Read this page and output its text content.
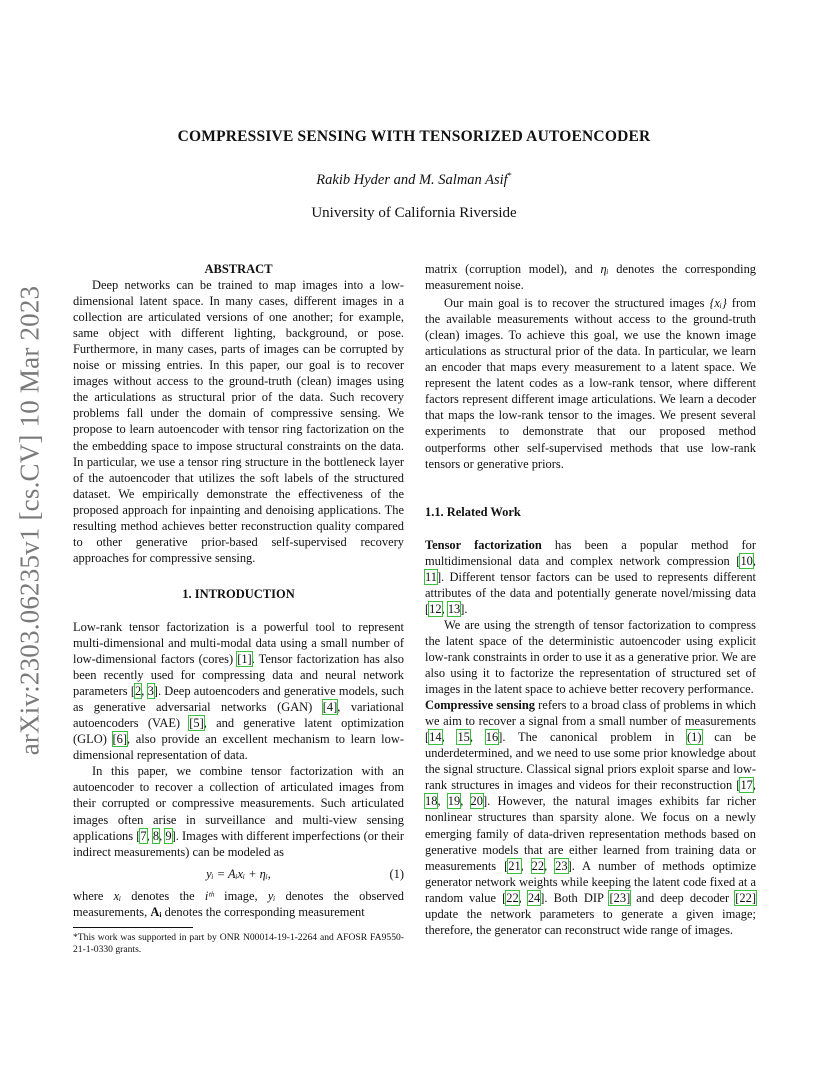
arXiv:2303.06235v1 [cs.CV] 10 Mar 2023
COMPRESSIVE SENSING WITH TENSORIZED AUTOENCODER
Rakib Hyder and M. Salman Asif*
University of California Riverside
ABSTRACT

Deep networks can be trained to map images into a low-dimensional latent space. In many cases, different images in a collection are articulated versions of one another; for example, same object with different lighting, background, or pose. Furthermore, in many cases, parts of images can be corrupted by noise or missing entries. In this paper, our goal is to recover images without access to the ground-truth (clean) images using the articulations as structural prior of the data. Such recovery problems fall under the domain of compressive sensing. We propose to learn autoencoder with tensor ring factorization on the the embedding space to impose structural constraints on the data. In particular, we use a tensor ring structure in the bottleneck layer of the autoencoder that utilizes the soft labels of the structured dataset. We empirically demonstrate the effectiveness of the proposed approach for inpainting and denoising applications. The resulting method achieves better reconstruction quality compared to other generative prior-based self-supervised recovery approaches for compressive sensing.

1. INTRODUCTION

Low-rank tensor factorization is a powerful tool to represent multi-dimensional and multi-modal data using a small number of low-dimensional factors (cores) [1]. Tensor factorization has also been recently used for compressing data and neural network parameters [2, 3]. Deep autoencoders and generative models, such as generative adversarial networks (GAN) [4], variational autoencoders (VAE) [5], and generative latent optimization (GLO) [6], also provide an excellent mechanism to learn low-dimensional representation of data.

In this paper, we combine tensor factorization with an autoencoder to recover a collection of articulated images from their corrupted or compressive measurements. Such articulated images often arise in surveillance and multi-view sensing applications [7, 8, 9]. Images with different imperfections (or their indirect measurements) can be modeled as

yᵢ = Aᵢxᵢ + ηᵢ,	(1)

where xᵢ denotes the iᵗʰ image, yᵢ denotes the observed measurements, Aᵢ denotes the corresponding measurement

*This work was supported in part by ONR N00014-19-1-2264 and AFOSR FA9550-21-1-0330 grants.

matrix (corruption model), and ηᵢ denotes the corresponding measurement noise.

Our main goal is to recover the structured images {xᵢ} from the available measurements without access to the ground-truth (clean) images. To achieve this goal, we use the known image articulations as structural prior of the data. In particular, we learn an encoder that maps every measurement to a latent space. We represent the latent codes as a low-rank tensor, where different factors represent different image articulations. We learn a decoder that maps the low-rank tensor to the images. We present several experiments to demonstrate that our proposed method outperforms other self-supervised methods that use low-rank tensors or generative priors.

1.1. Related Work

Tensor factorization has been a popular method for multidimensional data and complex network compression [10, 11]. Different tensor factors can be used to represents different attributes of the data and potentially generate novel/missing data [12, 13].

We are using the strength of tensor factorization to compress the latent space of the deterministic autoencoder using explicit low-rank constraints in order to use it as a generative prior. We are also using it to factorize the representation of structured set of images in the latent space to achieve better recovery performance.

Compressive sensing refers to a broad class of problems in which we aim to recover a signal from a small number of measurements [14, 15, 16]. The canonical problem in (1) can be underdetermined, and we need to use some prior knowledge about the signal structure. Classical signal priors exploit sparse and low-rank structures in images and videos for their reconstruction [17, 18, 19, 20]. However, the natural images exhibits far richer nonlinear structures than sparsity alone. We focus on a newly emerging family of data-driven representation methods based on generative models that are either learned from training data or measurements [21, 22, 23]. A number of methods optimize generator network weights while keeping the latent code fixed at a random value [22, 24]. Both DIP [23] and deep decoder [22] update the network parameters to generate a given image; therefore, the generator can reconstruct wide range of images.
